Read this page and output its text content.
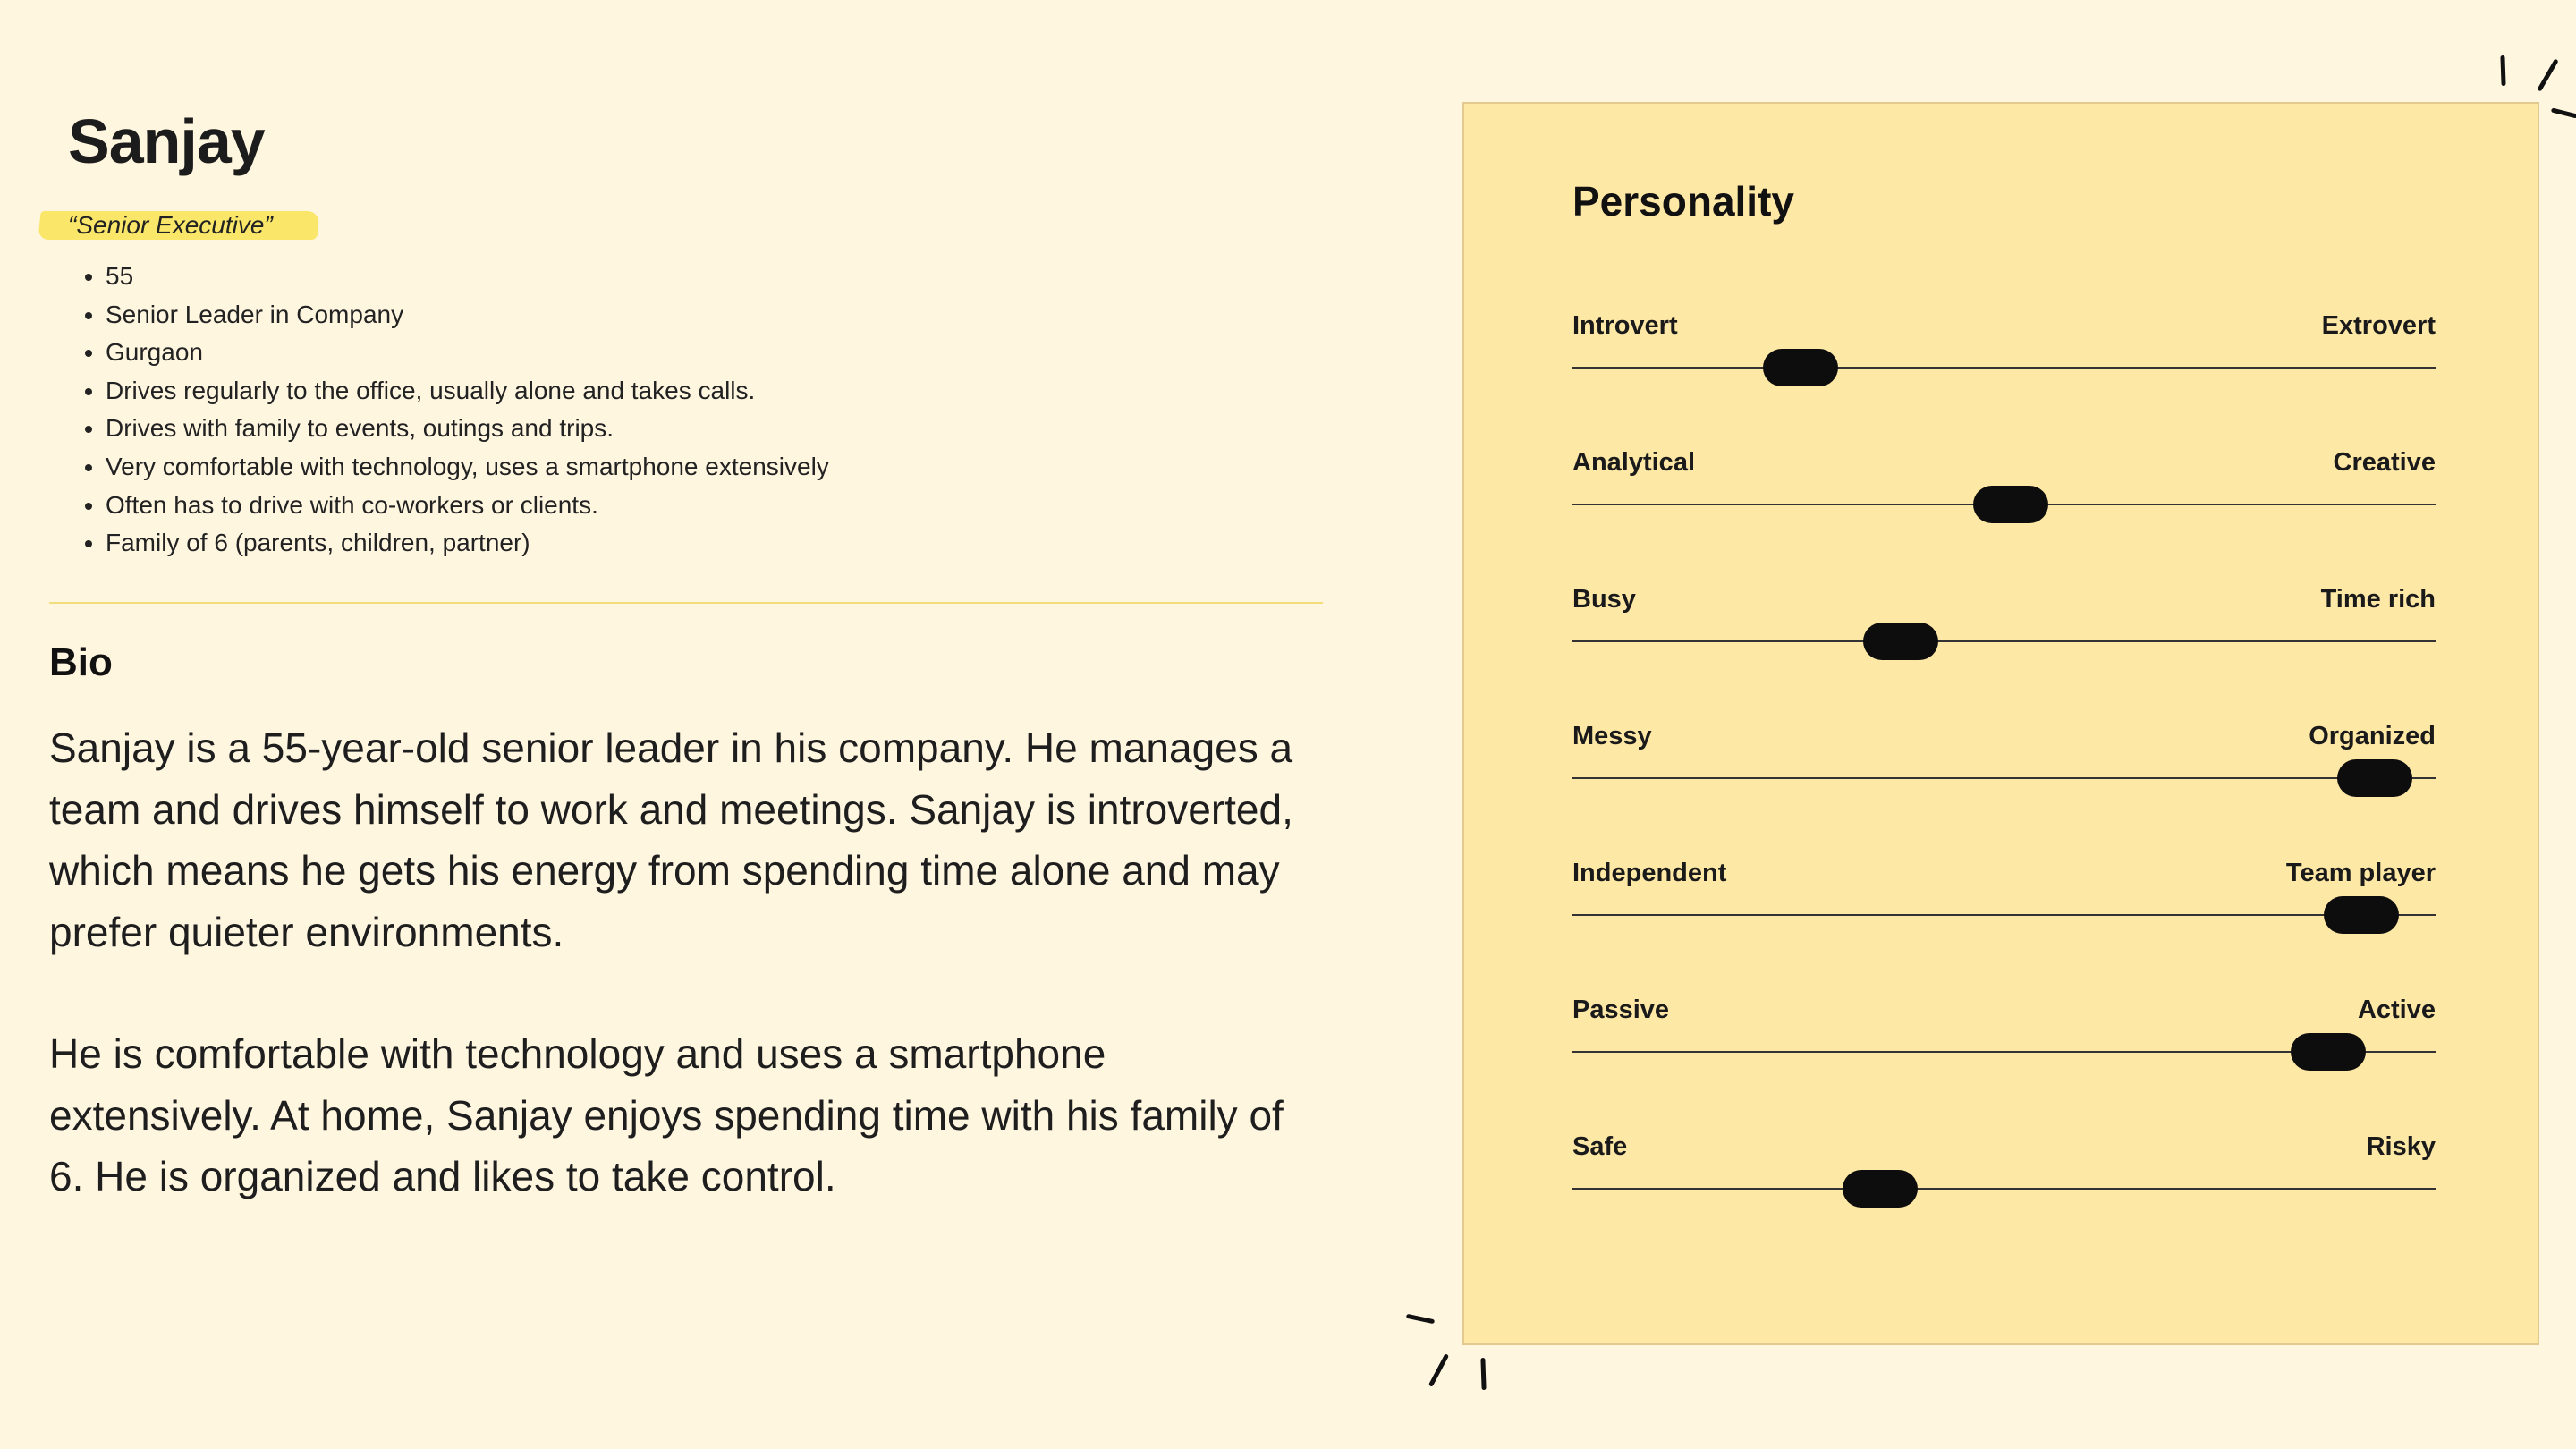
Sanjay
“Senior Executive”
• 55
• Senior Leader in Company
• Gurgaon
• Drives regularly to the office, usually alone and takes calls.
• Drives with family to events, outings and trips.
• Very comfortable with technology, uses a smartphone extensively
• Often has to drive with co-workers or clients.
• Family of 6 (parents, children, partner)
Bio

Sanjay is a 55-year-old senior leader in his company. He manages a team and drives himself to work and meetings. Sanjay is introverted, which means he gets his energy from spending time alone and may prefer quieter environments.

He is comfortable with technology and uses a smartphone extensively. At home, Sanjay enjoys spending time with his family of 6. He is organized and likes to take control.

Personality
Introvert	Extrovert
Analytical	Creative
Busy	Time rich
Messy	Organized
Independent	Team player
Passive	Active
Safe	Risky
